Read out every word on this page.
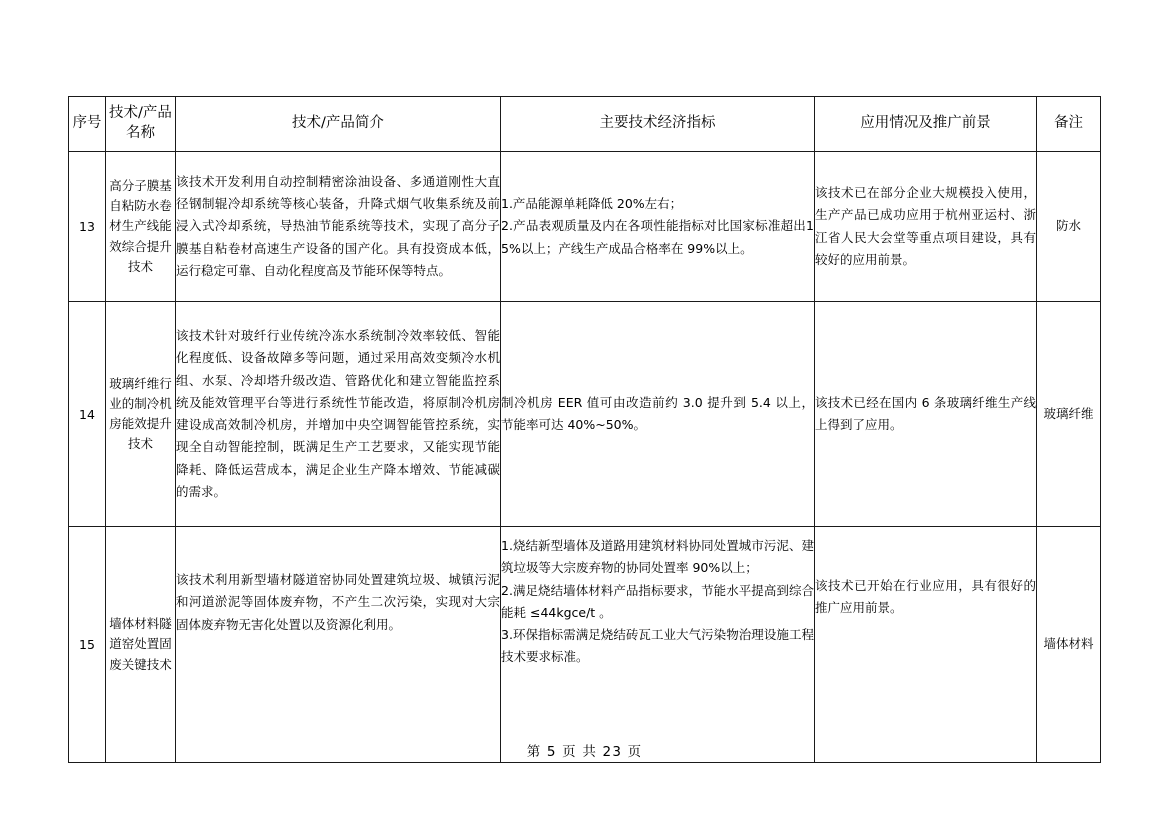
序号	技术/产品
名称	技术/产品简介	主要技术经济指标	应用情况及推广前景	备注

13	高分子膜基自粘防水卷材生产线能效综合提升技术	该技术开发利用自动控制精密涂油设备、多通道刚性大直径钢制辊冷却系统等核心装备，升降式烟气收集系统及前浸入式冷却系统，导热油节能系统等技术，实现了高分子膜基自粘卷材高速生产设备的国产化。具有投资成本低，运行稳定可靠、自动化程度高及节能环保等特点。	1.产品能源单耗降低 20%左右；

2.产品表观质量及内在各项性能指标对比国家标准超出15%以上；产线生产成品合格率在 99%以上。	该技术已在部分企业大规模投入使用，生产产品已成功应用于杭州亚运村、浙江省人民大会堂等重点项目建设，具有较好的应用前景。	防水
14	玻璃纤维行业的制冷机房能效提升技术	该技术针对玻纤行业传统冷冻水系统制冷效率较低、智能化程度低、设备故障多等问题，通过采用高效变频冷水机组、水泵、冷却塔升级改造、管路优化和建立智能监控系统及能效管理平台等进行系统性节能改造，将原制冷机房建设成高效制冷机房，并增加中央空调智能管控系统，实现全自动智能控制，既满足生产工艺要求，又能实现节能降耗、降低运营成本，满足企业生产降本增效、节能减碳的需求。	制冷机房 EER 值可由改造前约 3.0 提升到 5.4 以上，节能率可达 40%~50%。	该技术已经在国内 6 条玻璃纤维生产线上得到了应用。	玻璃纤维
15	墙体材料隧道窑处置固废关键技术	该技术利用新型墙材隧道窑协同处置建筑垃圾、城镇污泥和河道淤泥等固体废弃物，不产生二次污染，实现对大宗固体废弃物无害化处置以及资源化利用。	1.烧结新型墙体及道路用建筑材料协同处置城市污泥、建筑垃圾等大宗废弃物的协同处置率 90%以上；

2.满足烧结墙体材料产品指标要求，节能水平提高到综合能耗 ≤44kgce/t 。

3.环保指标需满足烧结砖瓦工业大气污染物治理设施工程技术要求标准。	该技术已开始在行业应用，具有很好的推广应用前景。	墙体材料
第 5 页 共 23 页
